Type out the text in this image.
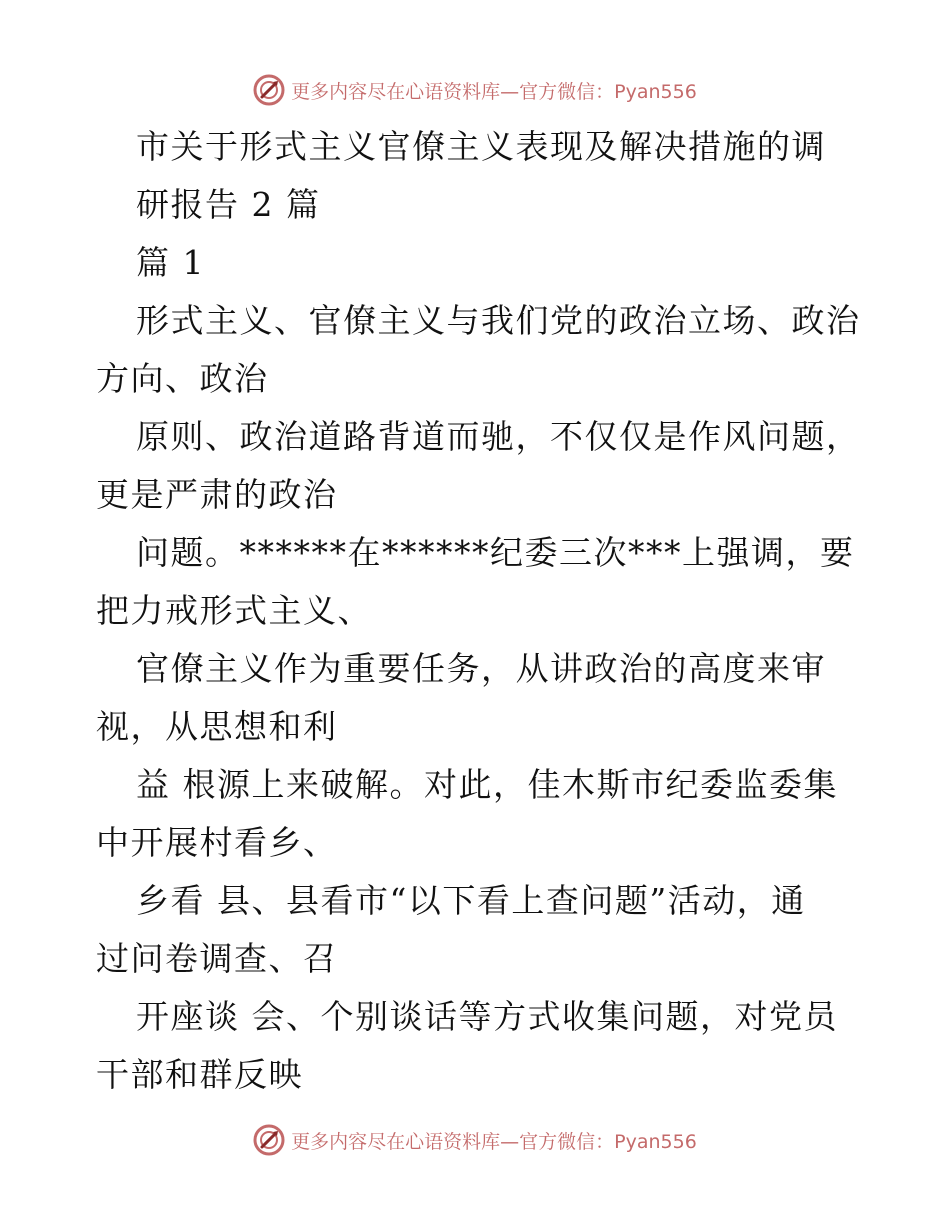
更多内容尽在心语资料库—官方微信：Pyan556
市关于形式主义官僚主义表现及解决措施的调
研报告 2 篇
篇 1
形式主义、官僚主义与我们党的政治立场、政治
方向、政治
原则、政治道路背道而驰，不仅仅是作风问题，
更是严肃的政治
问题。******在******纪委三次***上强调，要
把力戒形式主义、
官僚主义作为重要任务，从讲政治的高度来审
视，从思想和利
益 根源上来破解。对此，佳木斯市纪委监委集
中开展村看乡、
乡看 县、县看市“以下看上查问题”活动，通
过问卷调查、召
开座谈 会、个别谈话等方式收集问题，对党员
干部和群反映
更多内容尽在心语资料库—官方微信：Pyan556
